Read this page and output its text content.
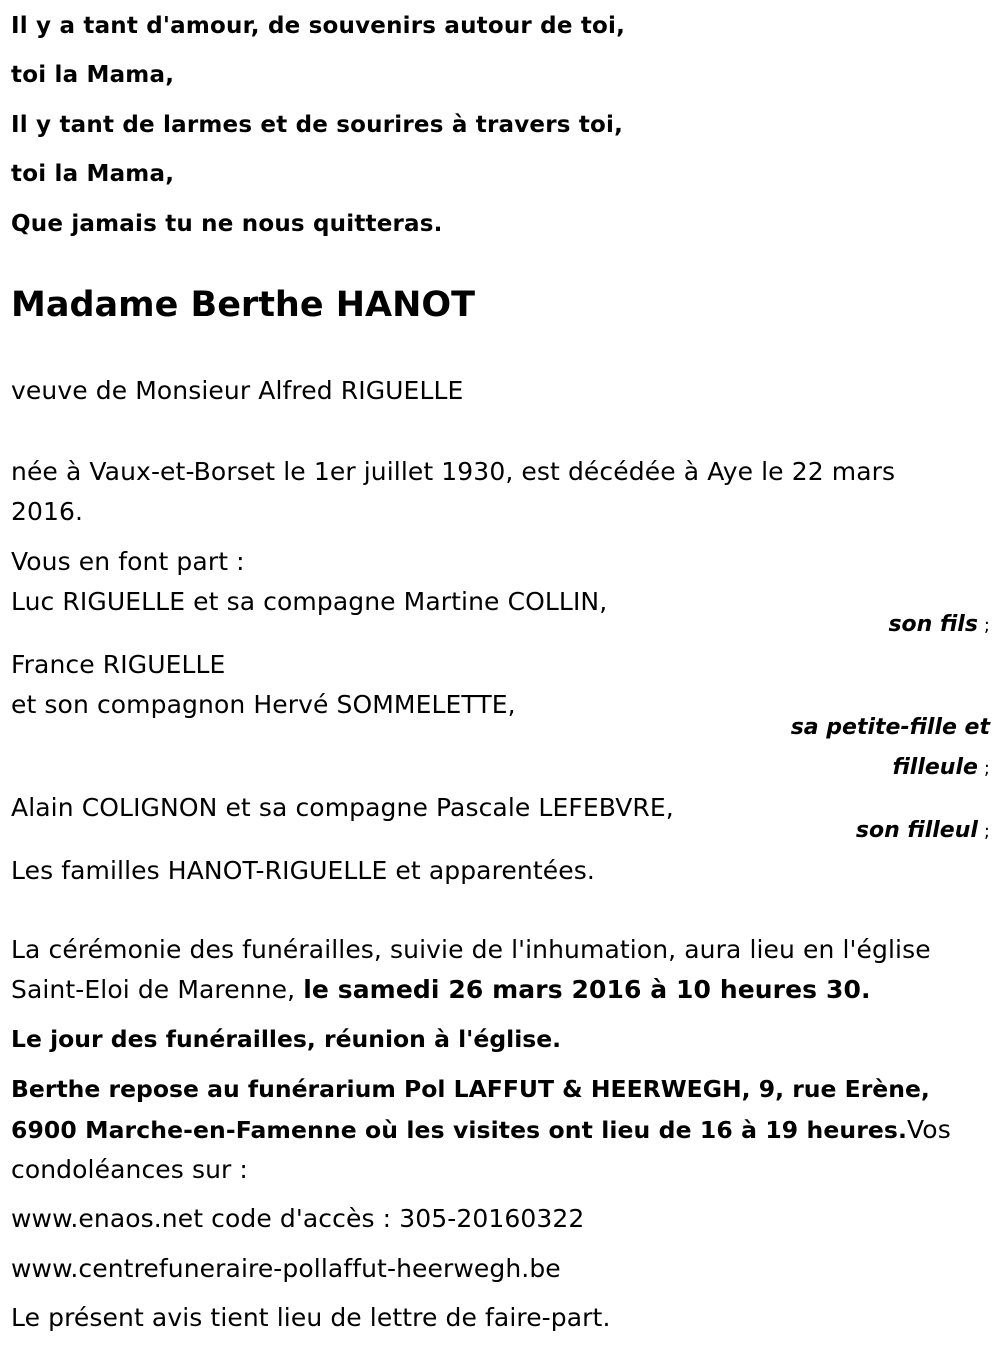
Il y a tant d'amour, de souvenirs autour de toi,
toi la Mama,
Il y tant de larmes et de sourires à travers toi,
toi la Mama,
Que jamais tu ne nous quitteras.
Madame Berthe HANOT
veuve de Monsieur Alfred RIGUELLE
née à Vaux-et-Borset le 1er juillet 1930, est décédée à Aye le 22 mars
2016.
Vous en font part :
Luc RIGUELLE et sa compagne Martine COLLIN,
son fils ;
France RIGUELLE
et son compagnon Hervé SOMMELETTE,
sa petite-fille et
filleule ;
Alain COLIGNON et sa compagne Pascale LEFEBVRE,
son filleul ;
Les familles HANOT-RIGUELLE et apparentées.
La cérémonie des funérailles, suivie de l'inhumation, aura lieu en l'église
Saint-Eloi de Marenne, le samedi 26 mars 2016 à 10 heures 30.
Le jour des funérailles, réunion à l'église.
Berthe repose au funérarium Pol LAFFUT & HEERWEGH, 9, rue Erène,
6900 Marche-en-Famenne où les visites ont lieu de 16 à 19 heures.Vos
condoléances sur :
www.enaos.net code d'accès : 305-20160322
www.centrefuneraire-pollaffut-heerwegh.be
Le présent avis tient lieu de lettre de faire-part.
